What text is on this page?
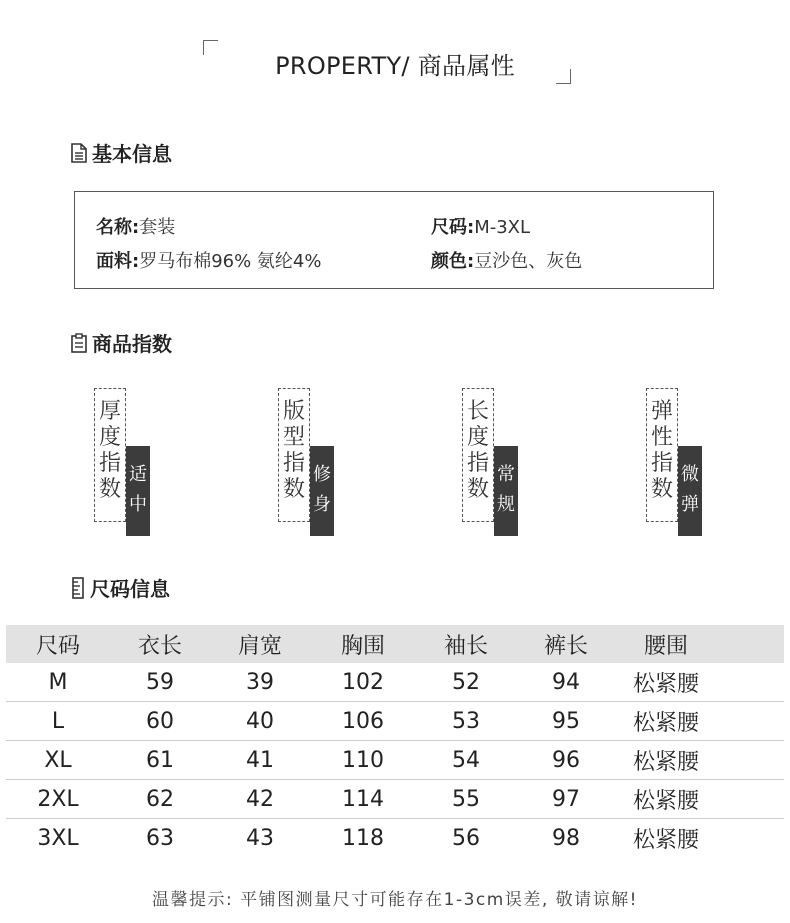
PROPERTY/ 商品属性
基本信息
名称:套装	尺码:M-3XL
面料:罗马布棉96% 氨纶4%	颜色:豆沙色、灰色
商品指数
厚
度
指
数
适
中
版
型
指
数
修
身
长
度
指
数
常
规
弹
性
指
数
微
弹
尺码信息
尺码	衣长	肩宽	胸围	袖长	裤长	腰围
M	59	39	102	52	94	松紧腰
L	60	40	106	53	95	松紧腰
XL	61	41	110	54	96	松紧腰
2XL	62	42	114	55	97	松紧腰
3XL	63	43	118	56	98	松紧腰
温馨提示: 平铺图测量尺寸可能存在1-3cm误差, 敬请谅解!
